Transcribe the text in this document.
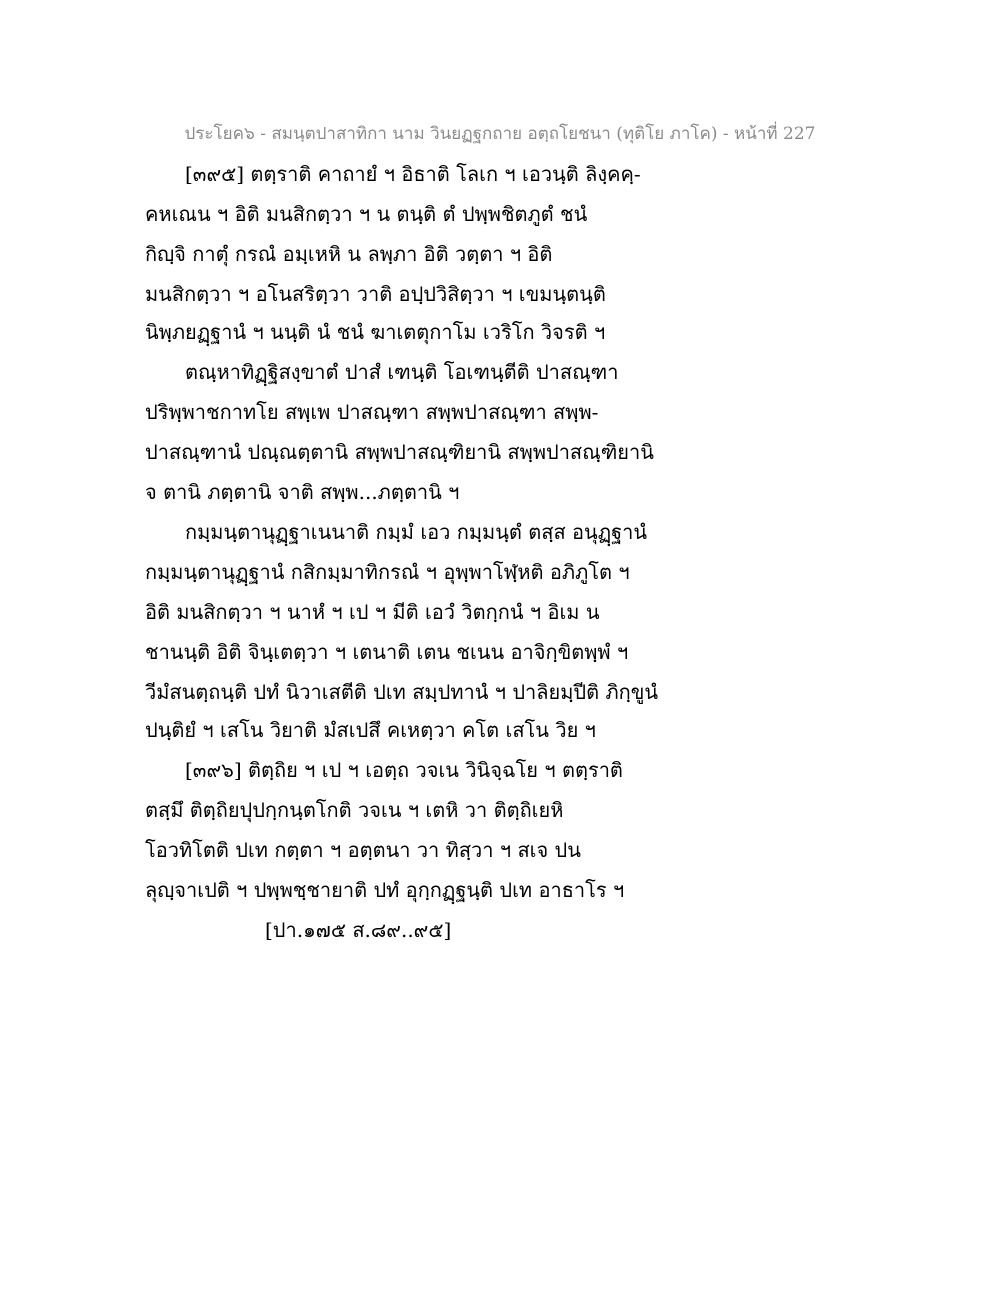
ประโยค๖ - สมนฺตปาสาทิกา นาม วินยฏฐกถาย อตฺถโยชนา (ทุติโย ภาโค) - หน้าที่ 227
[๓๙๕] ตตฺราติ คาถายํ ฯ อิธาติ โลเก ฯ เอวนฺติ ลิงฺคคฺ-
คหเณน ฯ อิติ มนสิกตฺวา ฯ น ตนฺติ ตํ ปพฺพชิตภูตํ ชนํ
กิญฺจิ กาตุํ กรณํ อมฺเหหิ น ลพฺภา อิติ วตฺตา ฯ อิติ
มนสิกตฺวา ฯ อโนสริตฺวา วาติ อปฺปวิสิตฺวา ฯ เขมนฺตนฺติ
นิพฺภยฏฺฐานํ ฯ นนฺติ นํ ชนํ ฆาเตตุกาโม เวริโก วิจรติ ฯ
ตณฺหาทิฏฺฐิสงฺขาตํ ปาสํ เฑนฺติ โอเฑนฺตีติ ปาสณฺฑา
ปริพฺพาชกาทโย สพฺเพ ปาสณฺฑา สพฺพปาสณฺฑา สพฺพ-
ปาสณฺฑานํ ปณฺณตฺตานิ สพฺพปาสณฺฑิยานิ สพฺพปาสณฺฑิยานิ
จ ตานิ ภตฺตานิ จาติ สพฺพ...ภตฺตานิ ฯ
กมฺมนฺตานุฏฺฐาเนนาติ กมฺมํ เอว กมฺมนฺตํ ตสฺส อนุฏฺฐานํ
กมฺมนฺตานุฏฺฐานํ กสิกมฺมาทิกรณํ ฯ อุพฺพาโฬฺหติ อภิภูโต ฯ
อิติ มนสิกตฺวา ฯ นาหํ ฯ เป ฯ มีติ เอวํ วิตกฺกนํ ฯ อิเม น
ชานนฺติ อิติ จินฺเตตฺวา ฯ เตนาติ เตน ชเนน อาจิกฺขิตพฺพํ ฯ
วีมํสนตฺถนฺติ ปทํ นิวาเสตีติ ปเท สมฺปทานํ ฯ ปาลิยมฺปีติ ภิกฺขูนํ
ปนฺติยํ ฯ เสโน วิยาติ มํสเปสึ คเหตฺวา คโต เสโน วิย ฯ
[๓๙๖] ติตฺถิย ฯ เป ฯ เอตฺถ วจเน วินิจฺฉโย ฯ ตตฺราติ
ตสฺมึ ติตฺถิยปุปกฺกนฺตโกติ วจเน ฯ เตหิ วา ติตฺถิเยหิ
โอวทิโตติ ปเท กตฺตา ฯ อตฺตนา วา ทิสฺวา ฯ สเจ ปน
ลุญฺจาเปติ ฯ ปพฺพชฺชายาติ ปทํ อุกฺกฏฺฐนฺติ ปเท อาธาโร ฯ
[ปา.๑๗๕ ส.๘๙..๙๕]
